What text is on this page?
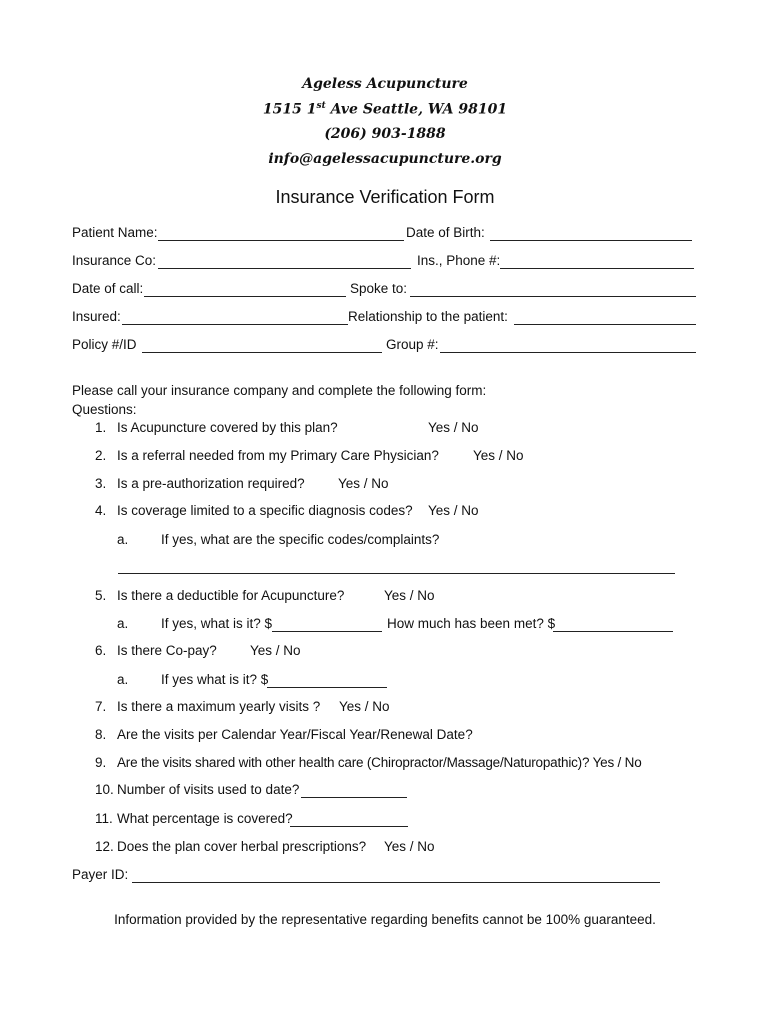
Ageless Acupuncture
1515 1st Ave Seattle, WA 98101
(206) 903-1888
info@agelessacupuncture.org
Insurance Verification Form
Patient Name:	Date of Birth:
Insurance Co:	Ins., Phone #:
Date of call:	Spoke to:
Insured:	Relationship to the patient:
Policy #/ID	Group #:
Please call your insurance company and complete the following form:
Questions:
1. Is Acupuncture covered by this plan?	Yes / No
2. Is a referral needed from my Primary Care Physician?	Yes / No
3. Is a pre-authorization required? Yes / No
4. Is coverage limited to a specific diagnosis codes? Yes / No
a. If yes, what are the specific codes/complaints?
5. Is there a deductible for Acupuncture?	Yes / No
a. If yes, what is it? $	How much has been met? $
6. Is there Co-pay? Yes / No
a. If yes what is it? $
7. Is there a maximum yearly visits ? Yes / No
8. Are the visits per Calendar Year/Fiscal Year/Renewal Date?
9. Are the visits shared with other health care (Chiropractor/Massage/Naturopathic)? Yes / No
10. Number of visits used to date?
11. What percentage is covered?
12. Does the plan cover herbal prescriptions? Yes / No
Payer ID:
Information provided by the representative regarding benefits cannot be 100% guaranteed.
